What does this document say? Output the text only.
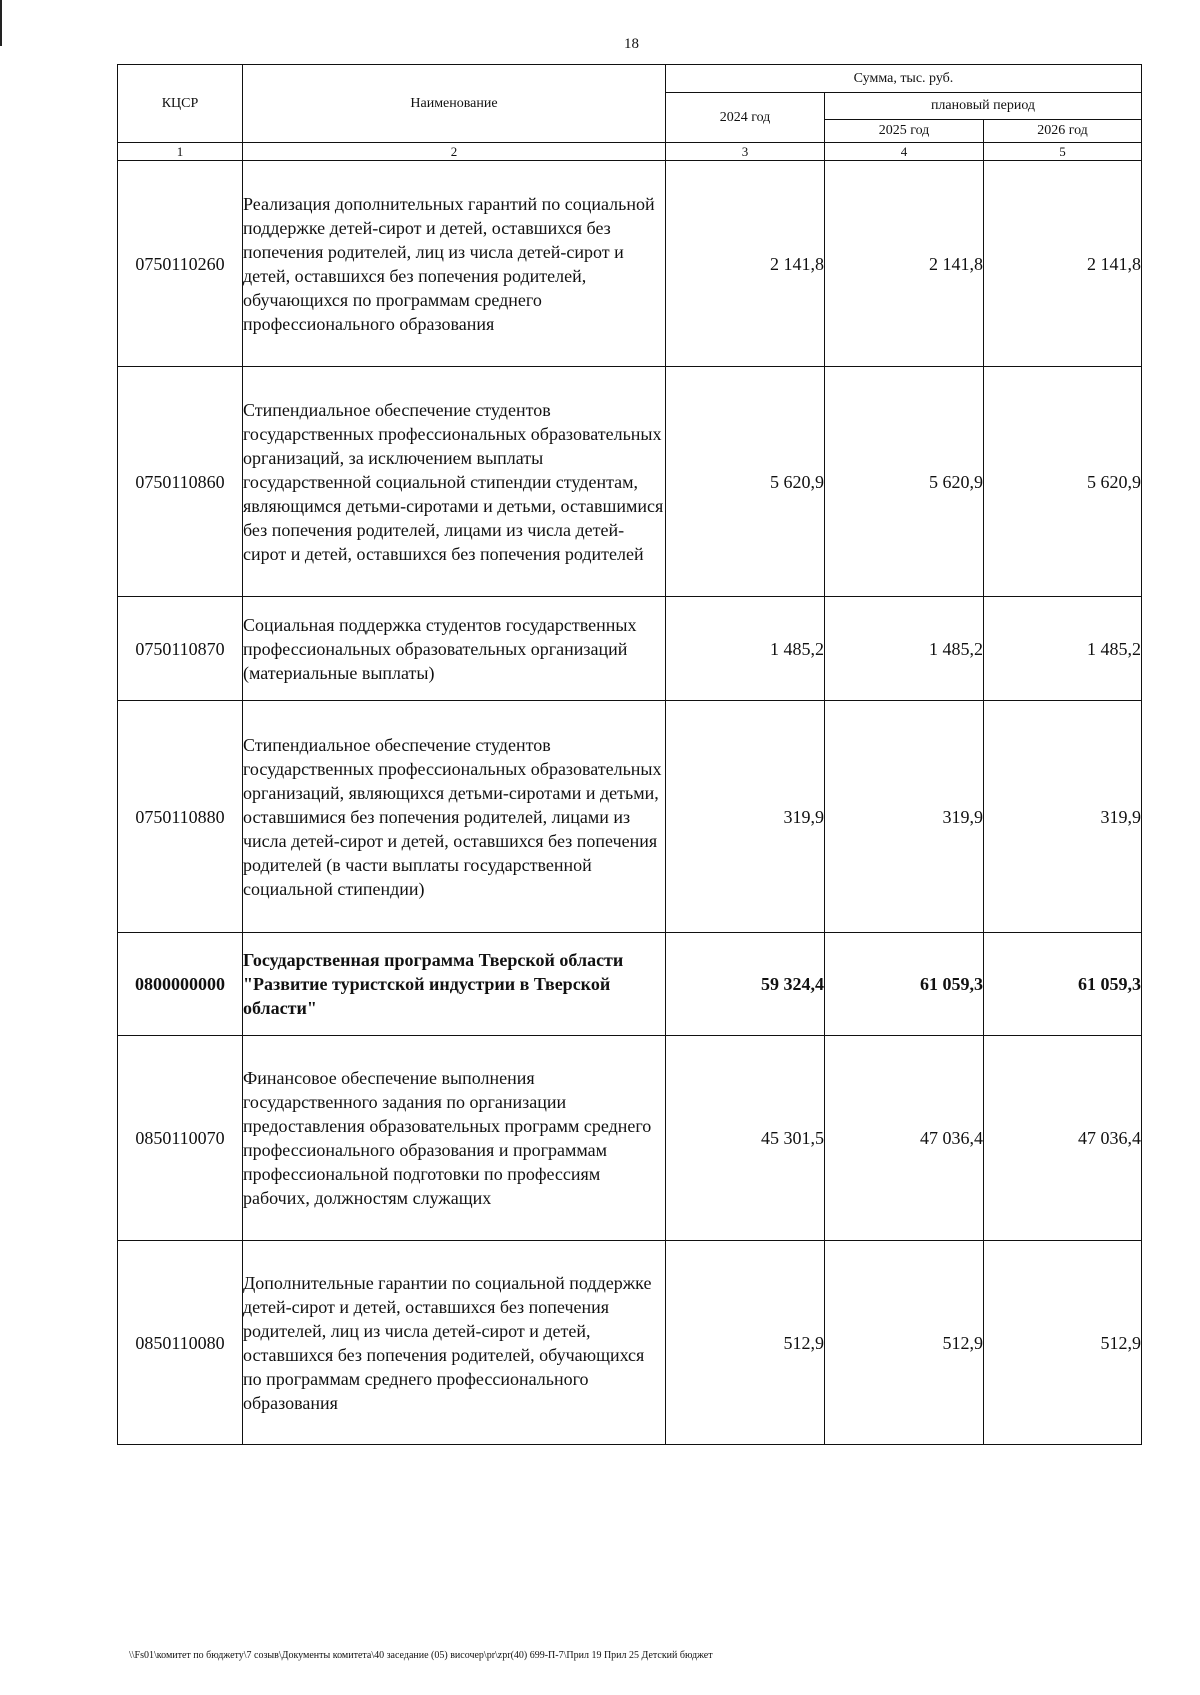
18
КЦСР	Наименование	Сумма, тыс. руб.		
		2024 год	плановый период	
			2025 год	2026 год
1	2	3	4	5
0750110260	Реализация дополнительных гарантий по социальной поддержке детей-сирот и детей, оставшихся без попечения родителей, лиц из числа детей-сирот и детей, оставшихся без попечения родителей, обучающихся по программам среднего профессионального образования	2 141,8	2 141,8	2 141,8
0750110860	Стипендиальное обеспечение студентов государственных профессиональных образовательных организаций, за исключением выплаты государственной социальной стипендии студентам, являющимся детьми-сиротами и детьми, оставшимися без попечения родителей, лицами из числа детей-сирот и детей, оставшихся без попечения родителей	5 620,9	5 620,9	5 620,9
0750110870	Социальная поддержка студентов государственных профессиональных образовательных организаций (материальные выплаты)	1 485,2	1 485,2	1 485,2
0750110880	Стипендиальное обеспечение студентов государственных профессиональных образовательных организаций, являющихся детьми-сиротами и детьми, оставшимися без попечения родителей, лицами из числа детей-сирот и детей, оставшихся без попечения родителей (в части выплаты государственной социальной стипендии)	319,9	319,9	319,9
0800000000	Государственная программа Тверской области "Развитие туристской индустрии в Тверской области"	59 324,4	61 059,3	61 059,3
0850110070	Финансовое обеспечение выполнения государственного задания по организации предоставления образовательных программ среднего профессионального образования и программам профессиональной подготовки по профессиям рабочих, должностям служащих	45 301,5	47 036,4	47 036,4
0850110080	Дополнительные гарантии по социальной поддержке детей-сирот и детей, оставшихся без попечения родителей, лиц из числа детей-сирот и детей, оставшихся без попечения родителей, обучающихся по программам среднего профессионального образования	512,9	512,9	512,9
\\Fs01\комитет по бюджету\7 созыв\Документы комитета\40 заседание (05) височер\pr\zpr(40) 699-П-7\Прил 19 Прил 25 Детский бюджет
